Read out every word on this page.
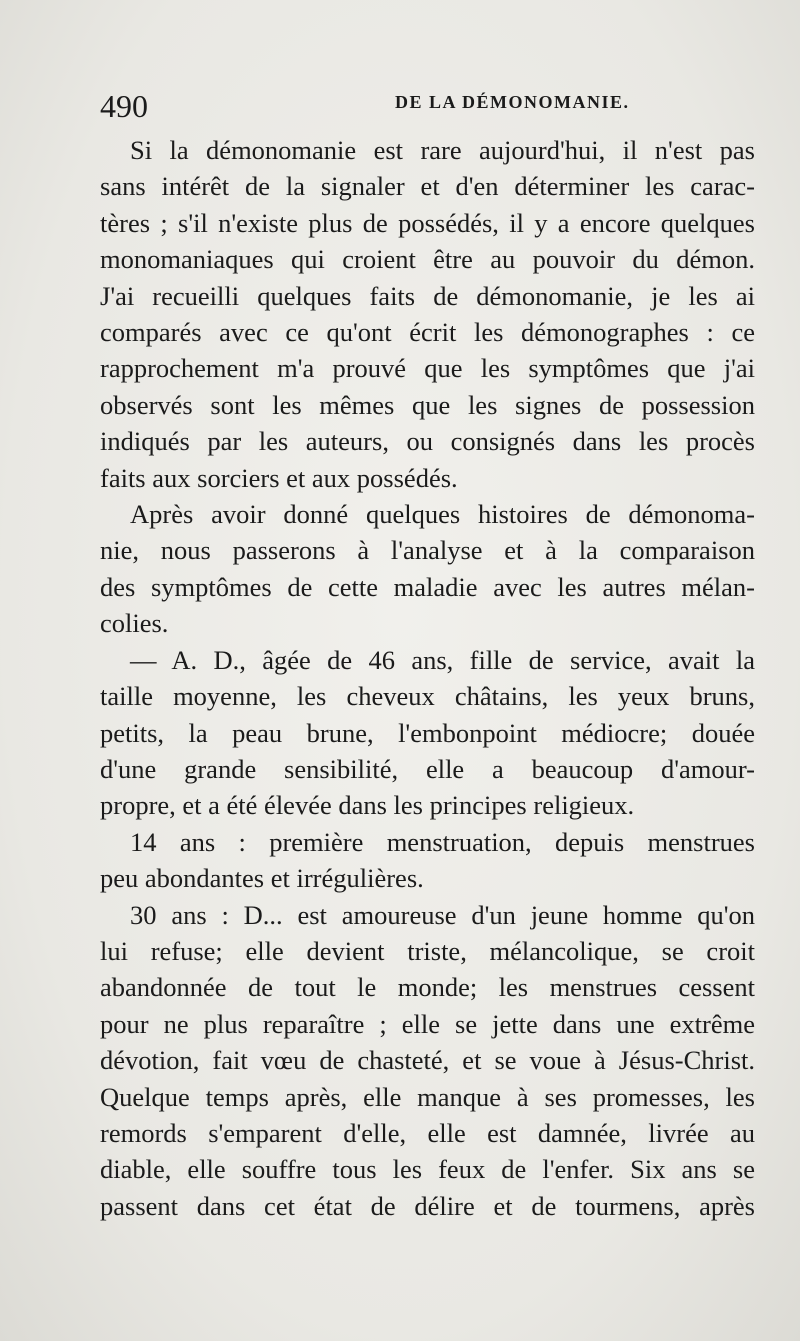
490	DE LA DÉMONOMANIE.
Si la démonomanie est rare aujourd'hui, il n'est pas
sans intérêt de la signaler et d'en déterminer les carac-
tères ; s'il n'existe plus de possédés, il y a encore quelques
monomaniaques qui croient être au pouvoir du démon.
J'ai recueilli quelques faits de démonomanie, je les ai
comparés avec ce qu'ont écrit les démonographes : ce
rapprochement m'a prouvé que les symptômes que j'ai
observés sont les mêmes que les signes de possession
indiqués par les auteurs, ou consignés dans les procès
faits aux sorciers et aux possédés.
Après avoir donné quelques histoires de démonoma-
nie, nous passerons à l'analyse et à la comparaison
des symptômes de cette maladie avec les autres mélan-
colies.
— A. D., âgée de 46 ans, fille de service, avait la
taille moyenne, les cheveux châtains, les yeux bruns,
petits, la peau brune, l'embonpoint médiocre; douée
d'une grande sensibilité, elle a beaucoup d'amour-
propre, et a été élevée dans les principes religieux.
14 ans : première menstruation, depuis menstrues
peu abondantes et irrégulières.
30 ans : D... est amoureuse d'un jeune homme qu'on
lui refuse; elle devient triste, mélancolique, se croit
abandonnée de tout le monde; les menstrues cessent
pour ne plus reparaître ; elle se jette dans une extrême
dévotion, fait vœu de chasteté, et se voue à Jésus-Christ.
Quelque temps après, elle manque à ses promesses, les
remords s'emparent d'elle, elle est damnée, livrée au
diable, elle souffre tous les feux de l'enfer. Six ans se
passent dans cet état de délire et de tourmens, après
